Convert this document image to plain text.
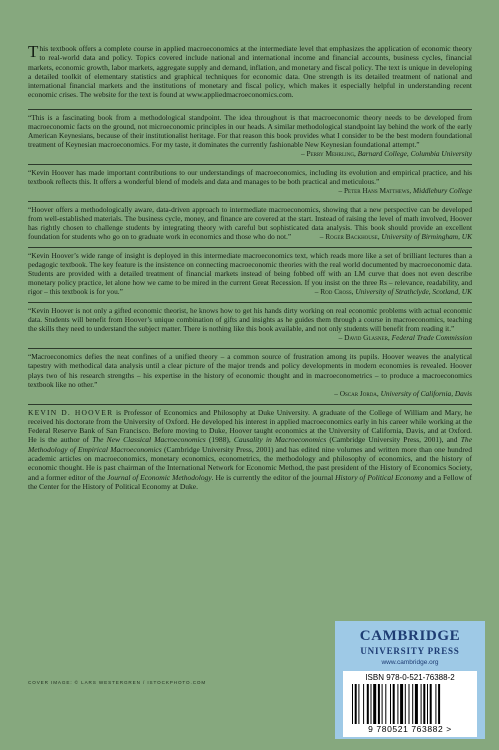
This textbook offers a complete course in applied macroeconomics at the intermediate level that emphasizes the application of economic theory to real-world data and policy. Topics covered include national and international income and financial accounts, business cycles, financial markets, economic growth, labor markets, aggregate supply and demand, inflation, and monetary and fiscal policy. The text is unique in developing a detailed toolkit of elementary statistics and graphical techniques for economic data. One strength is its detailed treatment of national and international financial markets and the institutions of monetary and fiscal policy, which makes it especially helpful in understanding recent economic crises. The website for the text is found at www.appliedmacroeconomics.com.

“This is a fascinating book from a methodological standpoint. The idea throughout is that macroeconomic theory needs to be developed from macroeconomic facts on the ground, not microeconomic principles in our heads. A similar methodological standpoint lay behind the work of the early American Keynesians, because of their institutionalist heritage. For that reason this book provides what I consider to be the best modern foundational treatment of Keynesian macroeconomics. For my taste, it dominates the currently fashionable New Keynesian foundational attempt.”

– Perry Mehrling, Barnard College, Columbia University

“Kevin Hoover has made important contributions to our understandings of macroeconomics, including its evolution and empirical practice, and his textbook reflects this. It offers a wonderful blend of models and data and manages to be both practical and meticulous.”
– Peter Hans Matthews, Middlebury College

“Hoover offers a methodologically aware, data-driven approach to intermediate macroeconomics, showing that a new perspective can be developed from well-established materials. The business cycle, money, and finance are covered at the start. Instead of raising the level of math involved, Hoover has rightly chosen to challenge students by integrating theory with careful but sophisticated data analysis. This book should provide an excellent foundation for students who go on to graduate work in economics and those who do not.”	– Roger Backhouse, University of Birmingham, UK

“Kevin Hoover’s wide range of insight is deployed in this intermediate macroeconomics text, which reads more like a set of brilliant lectures than a pedagogic textbook. The key feature is the insistence on connecting macroeconomic theories with the real world documented by macroeconomic data. Students are provided with a detailed treatment of financial markets instead of being fobbed off with an LM curve that does not even describe monetary policy practice, let alone how we came to be mired in the current Great Recession. If you insist on the three Rs – relevance, readability, and rigor – this textbook is for you.”	– Rod Cross, University of Strathclyde, Scotland, UK

“Kevin Hoover is not only a gifted economic theorist, he knows how to get his hands dirty working on real economic problems with actual economic data. Students will benefit from Hoover’s unique combination of gifts and insights as he guides them through a course in macroeconomics, teaching the skills they need to understand the subject matter. There is nothing like this book available, and not only students will benefit from reading it.”
– David Glasner, Federal Trade Commission

“Macroeconomics defies the neat confines of a unified theory – a common source of frustration among its pupils. Hoover weaves the analytical tapestry with methodical data analysis until a clear picture of the major trends and policy developments in modern economies is revealed. Hoover plays two of his research strengths – his expertise in the history of economic thought and in macroeconometrics – to produce a macroeconomics textbook like no other.”

– Oscar Jorda, University of California, Davis

KEVIN D. HOOVER is Professor of Economics and Philosophy at Duke University. A graduate of the College of William and Mary, he received his doctorate from the University of Oxford. He developed his interest in applied macroeconomics early in his career while working at the Federal Reserve Bank of San Francisco. Before moving to Duke, Hoover taught economics at the University of California, Davis, and at Oxford. He is the author of The New Classical Macroeconomics (1988), Causality in Macroeconomics (Cambridge University Press, 2001), and The Methodology of Empirical Macroeconomics (Cambridge University Press, 2001) and has edited nine volumes and written more than one hundred academic articles on macroeconomics, monetary economics, econometrics, the methodology and philosophy of economics, and the history of economic thought. He is past chairman of the International Network for Economic Method, the past president of the History of Economics Society, and a former editor of the Journal of Economic Methodology. He is currently the editor of the journal History of Political Economy and a Fellow of the Center for the History of Political Economy at Duke.

COVER IMAGE: © LARS WESTERGREN / ISTOCKPHOTO.COM
CAMBRIDGE
UNIVERSITY PRESS
www.cambridge.org
ISBN 978-0-521-76388-2
9 780521 763882 >
